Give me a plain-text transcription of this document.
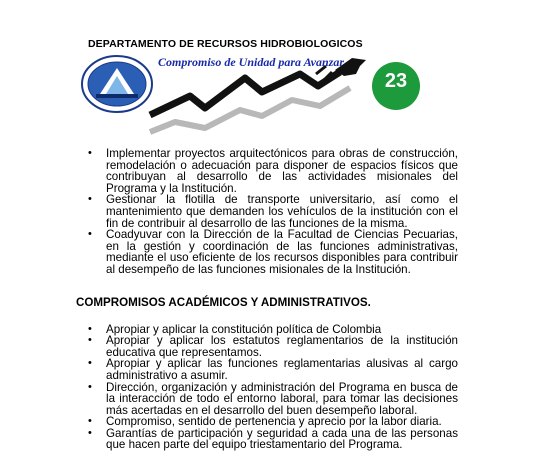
DEPARTAMENTO DE RECURSOS HIDROBIOLOGICOS
Compromiso de Unidad para Avanzar
23
• Implementar proyectos arquitectónicos para obras de construcción, remodelación o adecuación para disponer de espacios físicos que contribuyan al desarrollo de las actividades misionales del Programa y la Institución.
• Gestionar la flotilla de transporte universitario, así como el mantenimiento que demanden los vehículos de la institución con el fin de contribuir al desarrollo de las funciones de la misma.
• Coadyuvar con la Dirección de la Facultad de Ciencias Pecuarias, en la gestión y coordinación de las funciones administrativas, mediante el uso eficiente de los recursos disponibles para contribuir al desempeño de las funciones misionales de la Institución.
COMPROMISOS ACADÉMICOS Y ADMINISTRATIVOS.
• Apropiar y aplicar la constitución política de Colombia
• Apropiar y aplicar los estatutos reglamentarios de la institución educativa que representamos.
• Apropiar y aplicar las funciones reglamentarias alusivas al cargo administrativo a asumir.
• Dirección, organización y administración del Programa en busca de la interacción de todo el entorno laboral, para tomar las decisiones más acertadas en el desarrollo del buen desempeño laboral.
• Compromiso, sentido de pertenencia y aprecio por la labor diaria.
• Garantías de participación y seguridad a cada una de las personas que hacen parte del equipo triestamentario del Programa.
